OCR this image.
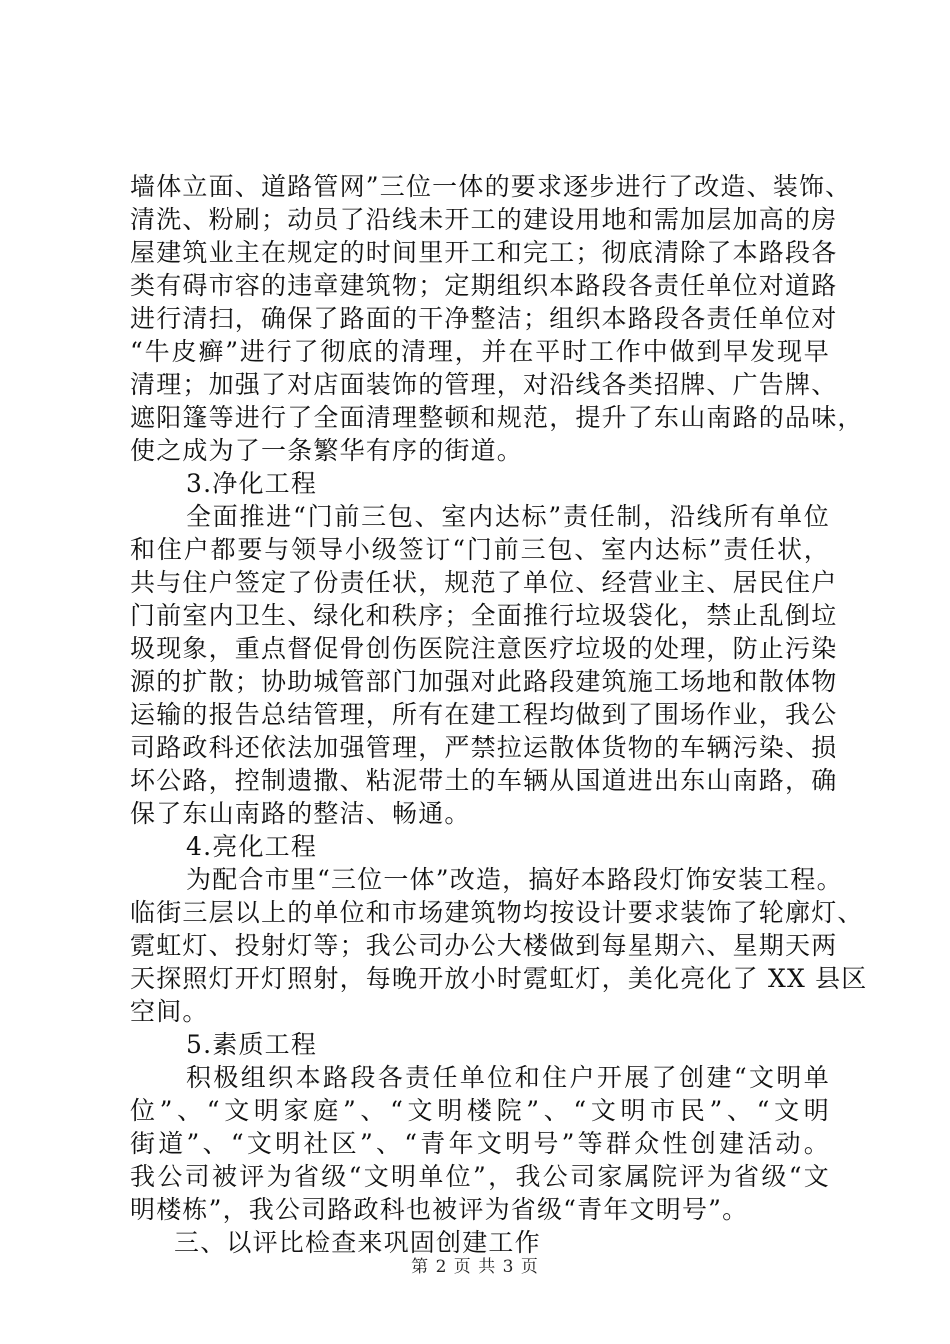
墙体立面、道路管网”三位一体的要求逐步进行了改造、装饰、
清洗、粉刷；动员了沿线未开工的建设用地和需加层加高的房
屋建筑业主在规定的时间里开工和完工；彻底清除了本路段各
类有碍市容的违章建筑物；定期组织本路段各责任单位对道路
进行清扫，确保了路面的干净整洁；组织本路段各责任单位对
“牛皮癣”进行了彻底的清理，并在平时工作中做到早发现早
清理；加强了对店面装饰的管理，对沿线各类招牌、广告牌、
遮阳篷等进行了全面清理整顿和规范，提升了东山南路的品味，
使之成为了一条繁华有序的街道。
3.净化工程
全面推进“门前三包、室内达标”责任制，沿线所有单位
和住户都要与领导小级签订“门前三包、室内达标”责任状，
共与住户签定了份责任状，规范了单位、经营业主、居民住户
门前室内卫生、绿化和秩序；全面推行垃圾袋化，禁止乱倒垃
圾现象，重点督促骨创伤医院注意医疗垃圾的处理，防止污染
源的扩散；协助城管部门加强对此路段建筑施工场地和散体物
运输的报告总结管理，所有在建工程均做到了围场作业，我公
司路政科还依法加强管理，严禁拉运散体货物的车辆污染、损
坏公路，控制遗撒、粘泥带土的车辆从国道进出东山南路，确
保了东山南路的整洁、畅通。
4.亮化工程
为配合市里“三位一体”改造，搞好本路段灯饰安装工程。
临街三层以上的单位和市场建筑物均按设计要求装饰了轮廓灯、
霓虹灯、投射灯等；我公司办公大楼做到每星期六、星期天两
天探照灯开灯照射，每晚开放小时霓虹灯，美化亮化了 XX 县区
空间。
5.素质工程
积极组织本路段各责任单位和住户开展了创建“文明单
位”、“文明家庭”、“文明楼院”、“文明市民”、“文明
街道”、“文明社区”、“青年文明号”等群众性创建活动。
我公司被评为省级“文明单位”，我公司家属院评为省级“文
明楼栋”，我公司路政科也被评为省级“青年文明号”。
三、以评比检查来巩固创建工作
第 2 页 共 3 页
